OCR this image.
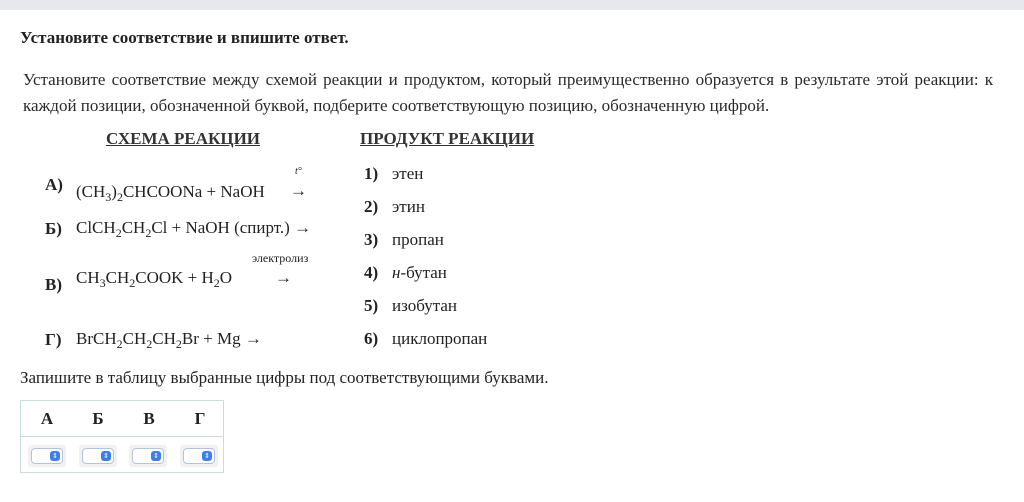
Установите соответствие и впишите ответ.
Установите соответствие между схемой реакции и продуктом, который преимущественно образуется в результате этой реакции: к каждой позиции, обозначенной буквой, подберите соответствующую позицию, обозначенную цифрой.
СХЕМА РЕАКЦИИ	ПРОДУКТ РЕАКЦИИ
А) $(CH_3)_2CHCOONa$ + NaOH
t°
→
Б) $ClCH_2CH_2Cl$ + NaOH (спирт.) →
В) $CH_3CH_2COOK + H_2O$
электролиз
→
Г) $BrCH_2CH_2CH_2Br + Mg$ →
1) этен
2) этин
3) пропан
4) н-бутан
5) изобутан
6) циклопропан
Запишите в таблицу выбранные цифры под соответствующими буквами.
А	Б	В	Г
⇕	⇕	⇕	⇕
